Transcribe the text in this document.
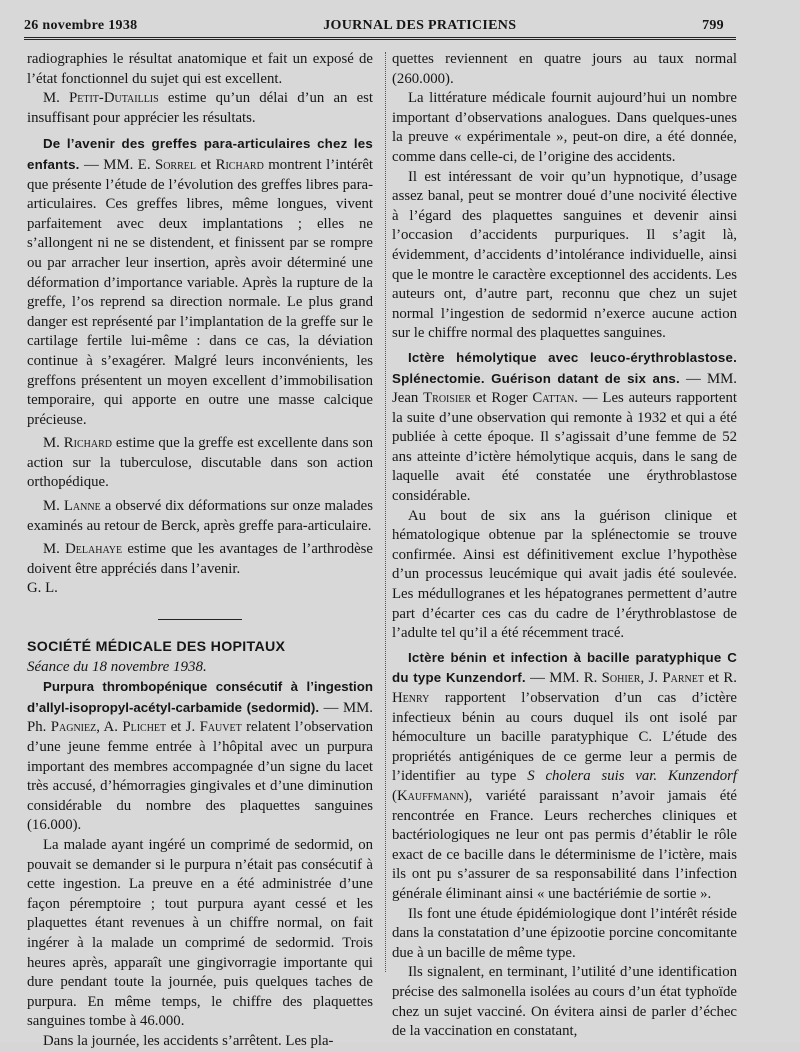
26 novembre 1938	JOURNAL DES PRATICIENS	799

radiographies le résultat anatomique et fait un exposé de l’état fonctionnel du sujet qui est excellent.

M. Petit-Dutaillis estime qu’un délai d’un an est insuffisant pour apprécier les résultats.

De l’avenir des greffes para-articulaires chez les enfants. — MM. E. Sorrel et Richard montrent l’intérêt que présente l’étude de l’évolution des greffes libres para-articulaires. Ces greffes libres, même longues, vivent parfaitement avec deux implantations ; elles ne s’allongent ni ne se distendent, et finissent par se rompre ou par arracher leur insertion, après avoir déterminé une déformation d’importance variable. Après la rupture de la greffe, l’os reprend sa direction normale. Le plus grand danger est représenté par l’implantation de la greffe sur le cartilage fertile lui-même : dans ce cas, la déviation continue à s’exagérer. Malgré leurs inconvénients, les greffons présentent un moyen excellent d’immobilisation temporaire, qui apporte en outre une masse calcique précieuse.

M. Richard estime que la greffe est excellente dans son action sur la tuberculose, discutable dans son action orthopédique.

M. Lanne a observé dix déformations sur onze malades examinés au retour de Berck, après greffe para-articulaire.

M. Delahaye estime que les avantages de l’arthrodèse doivent être appréciés dans l’avenir.

G. L.

SOCIÉTÉ MÉDICALE DES HOPITAUX

Séance du 18 novembre 1938.

Purpura thrombopénique consécutif à l’ingestion d’allyl-isopropyl-acétyl-carbamide (sedormid). — MM. Ph. Pagniez, A. Plichet et J. Fauvet relatent l’observation d’une jeune femme entrée à l’hôpital avec un purpura important des membres accompagnée d’un signe du lacet très accusé, d’hémorragies gingivales et d’une diminution considérable du nombre des plaquettes sanguines (16.000).

La malade ayant ingéré un comprimé de sedormid, on pouvait se demander si le purpura n’était pas consécutif à cette ingestion. La preuve en a été administrée d’une façon péremptoire ; tout purpura ayant cessé et les plaquettes étant revenues à un chiffre normal, on fait ingérer à la malade un comprimé de sedormid. Trois heures après, apparaît une gingivorragie importante qui dure pendant toute la journée, puis quelques taches de purpura. En même temps, le chiffre des plaquettes sanguines tombe à 46.000.

Dans la journée, les accidents s’arrêtent. Les pla-

quettes reviennent en quatre jours au taux normal (260.000).

La littérature médicale fournit aujourd’hui un nombre important d’observations analogues. Dans quelques-unes la preuve « expérimentale », peut-on dire, a été donnée, comme dans celle-ci, de l’origine des accidents.

Il est intéressant de voir qu’un hypnotique, d’usage assez banal, peut se montrer doué d’une nocivité élective à l’égard des plaquettes sanguines et devenir ainsi l’occasion d’accidents purpuriques. Il s’agit là, évidemment, d’accidents d’intolérance individuelle, ainsi que le montre le caractère exceptionnel des accidents. Les auteurs ont, d’autre part, reconnu que chez un sujet normal l’ingestion de sedormid n’exerce aucune action sur le chiffre normal des plaquettes sanguines.

Ictère hémolytique avec leuco-érythroblastose. Splénectomie. Guérison datant de six ans. — MM. Jean Troisier et Roger Cattan. — Les auteurs rapportent la suite d’une observation qui remonte à 1932 et qui a été publiée à cette époque. Il s’agissait d’une femme de 52 ans atteinte d’ictère hémolytique acquis, dans le sang de laquelle avait été constatée une érythroblastose considérable.

Au bout de six ans la guérison clinique et hématologique obtenue par la splénectomie se trouve confirmée. Ainsi est définitivement exclue l’hypothèse d’un processus leucémique qui avait jadis été soulevée. Les médullogranes et les hépatogranes permettent d’autre part d’écarter ces cas du cadre de l’érythroblastose de l’adulte tel qu’il a été récemment tracé.

Ictère bénin et infection à bacille paratyphique C du type Kunzendorf. — MM. R. Sohier, J. Parnet et R. Henry rapportent l’observation d’un cas d’ictère infectieux bénin au cours duquel ils ont isolé par hémoculture un bacille paratyphique C. L’étude des propriétés antigéniques de ce germe leur a permis de l’identifier au type S cholera suis var. Kunzendorf (Kauffmann), variété paraissant n’avoir jamais été rencontrée en France. Leurs recherches cliniques et bactériologiques ne leur ont pas permis d’établir le rôle exact de ce bacille dans le déterminisme de l’ictère, mais ils ont pu s’assurer de sa responsabilité dans l’infection générale éliminant ainsi « une bactériémie de sortie ».

Ils font une étude épidémiologique dont l’intérêt réside dans la constatation d’une épizootie porcine concomitante due à un bacille de même type.

Ils signalent, en terminant, l’utilité d’une identification précise des salmonella isolées au cours d’un état typhoïde chez un sujet vacciné. On évitera ainsi de parler d’échec de la vaccination en constatant,
